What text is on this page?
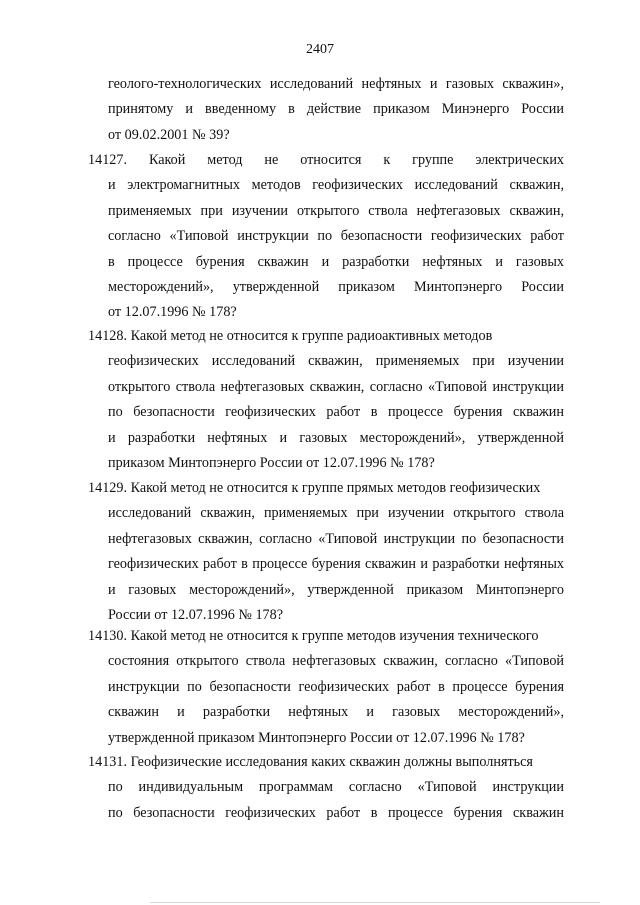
2407
геолого-технологических исследований нефтяных и газовых скважин»,
принятому и введенному в действие приказом Минэнерго России
от 09.02.2001 № 39?
14127. Какой метод не относится к группе электрических
и электромагнитных методов геофизических исследований скважин,
применяемых при изучении открытого ствола нефтегазовых скважин,
согласно «Типовой инструкции по безопасности геофизических работ
в процессе бурения скважин и разработки нефтяных и газовых
месторождений», утвержденной приказом Минтопэнерго России
от 12.07.1996 № 178?
14128. Какой метод не относится к группе радиоактивных методов
геофизических исследований скважин, применяемых при изучении
открытого ствола нефтегазовых скважин, согласно «Типовой инструкции
по безопасности геофизических работ в процессе бурения скважин
и разработки нефтяных и газовых месторождений», утвержденной
приказом Минтопэнерго России от 12.07.1996 № 178?
14129. Какой метод не относится к группе прямых методов геофизических
исследований скважин, применяемых при изучении открытого ствола
нефтегазовых скважин, согласно «Типовой инструкции по безопасности
геофизических работ в процессе бурения скважин и разработки нефтяных
и газовых месторождений», утвержденной приказом Минтопэнерго
России от 12.07.1996 № 178?
14130. Какой метод не относится к группе методов изучения технического
состояния открытого ствола нефтегазовых скважин, согласно «Типовой
инструкции по безопасности геофизических работ в процессе бурения
скважин и разработки нефтяных и газовых месторождений»,
утвержденной приказом Минтопэнерго России от 12.07.1996 № 178?
14131. Геофизические исследования каких скважин должны выполняться
по индивидуальным программам согласно «Типовой инструкции
по безопасности геофизических работ в процессе бурения скважин
